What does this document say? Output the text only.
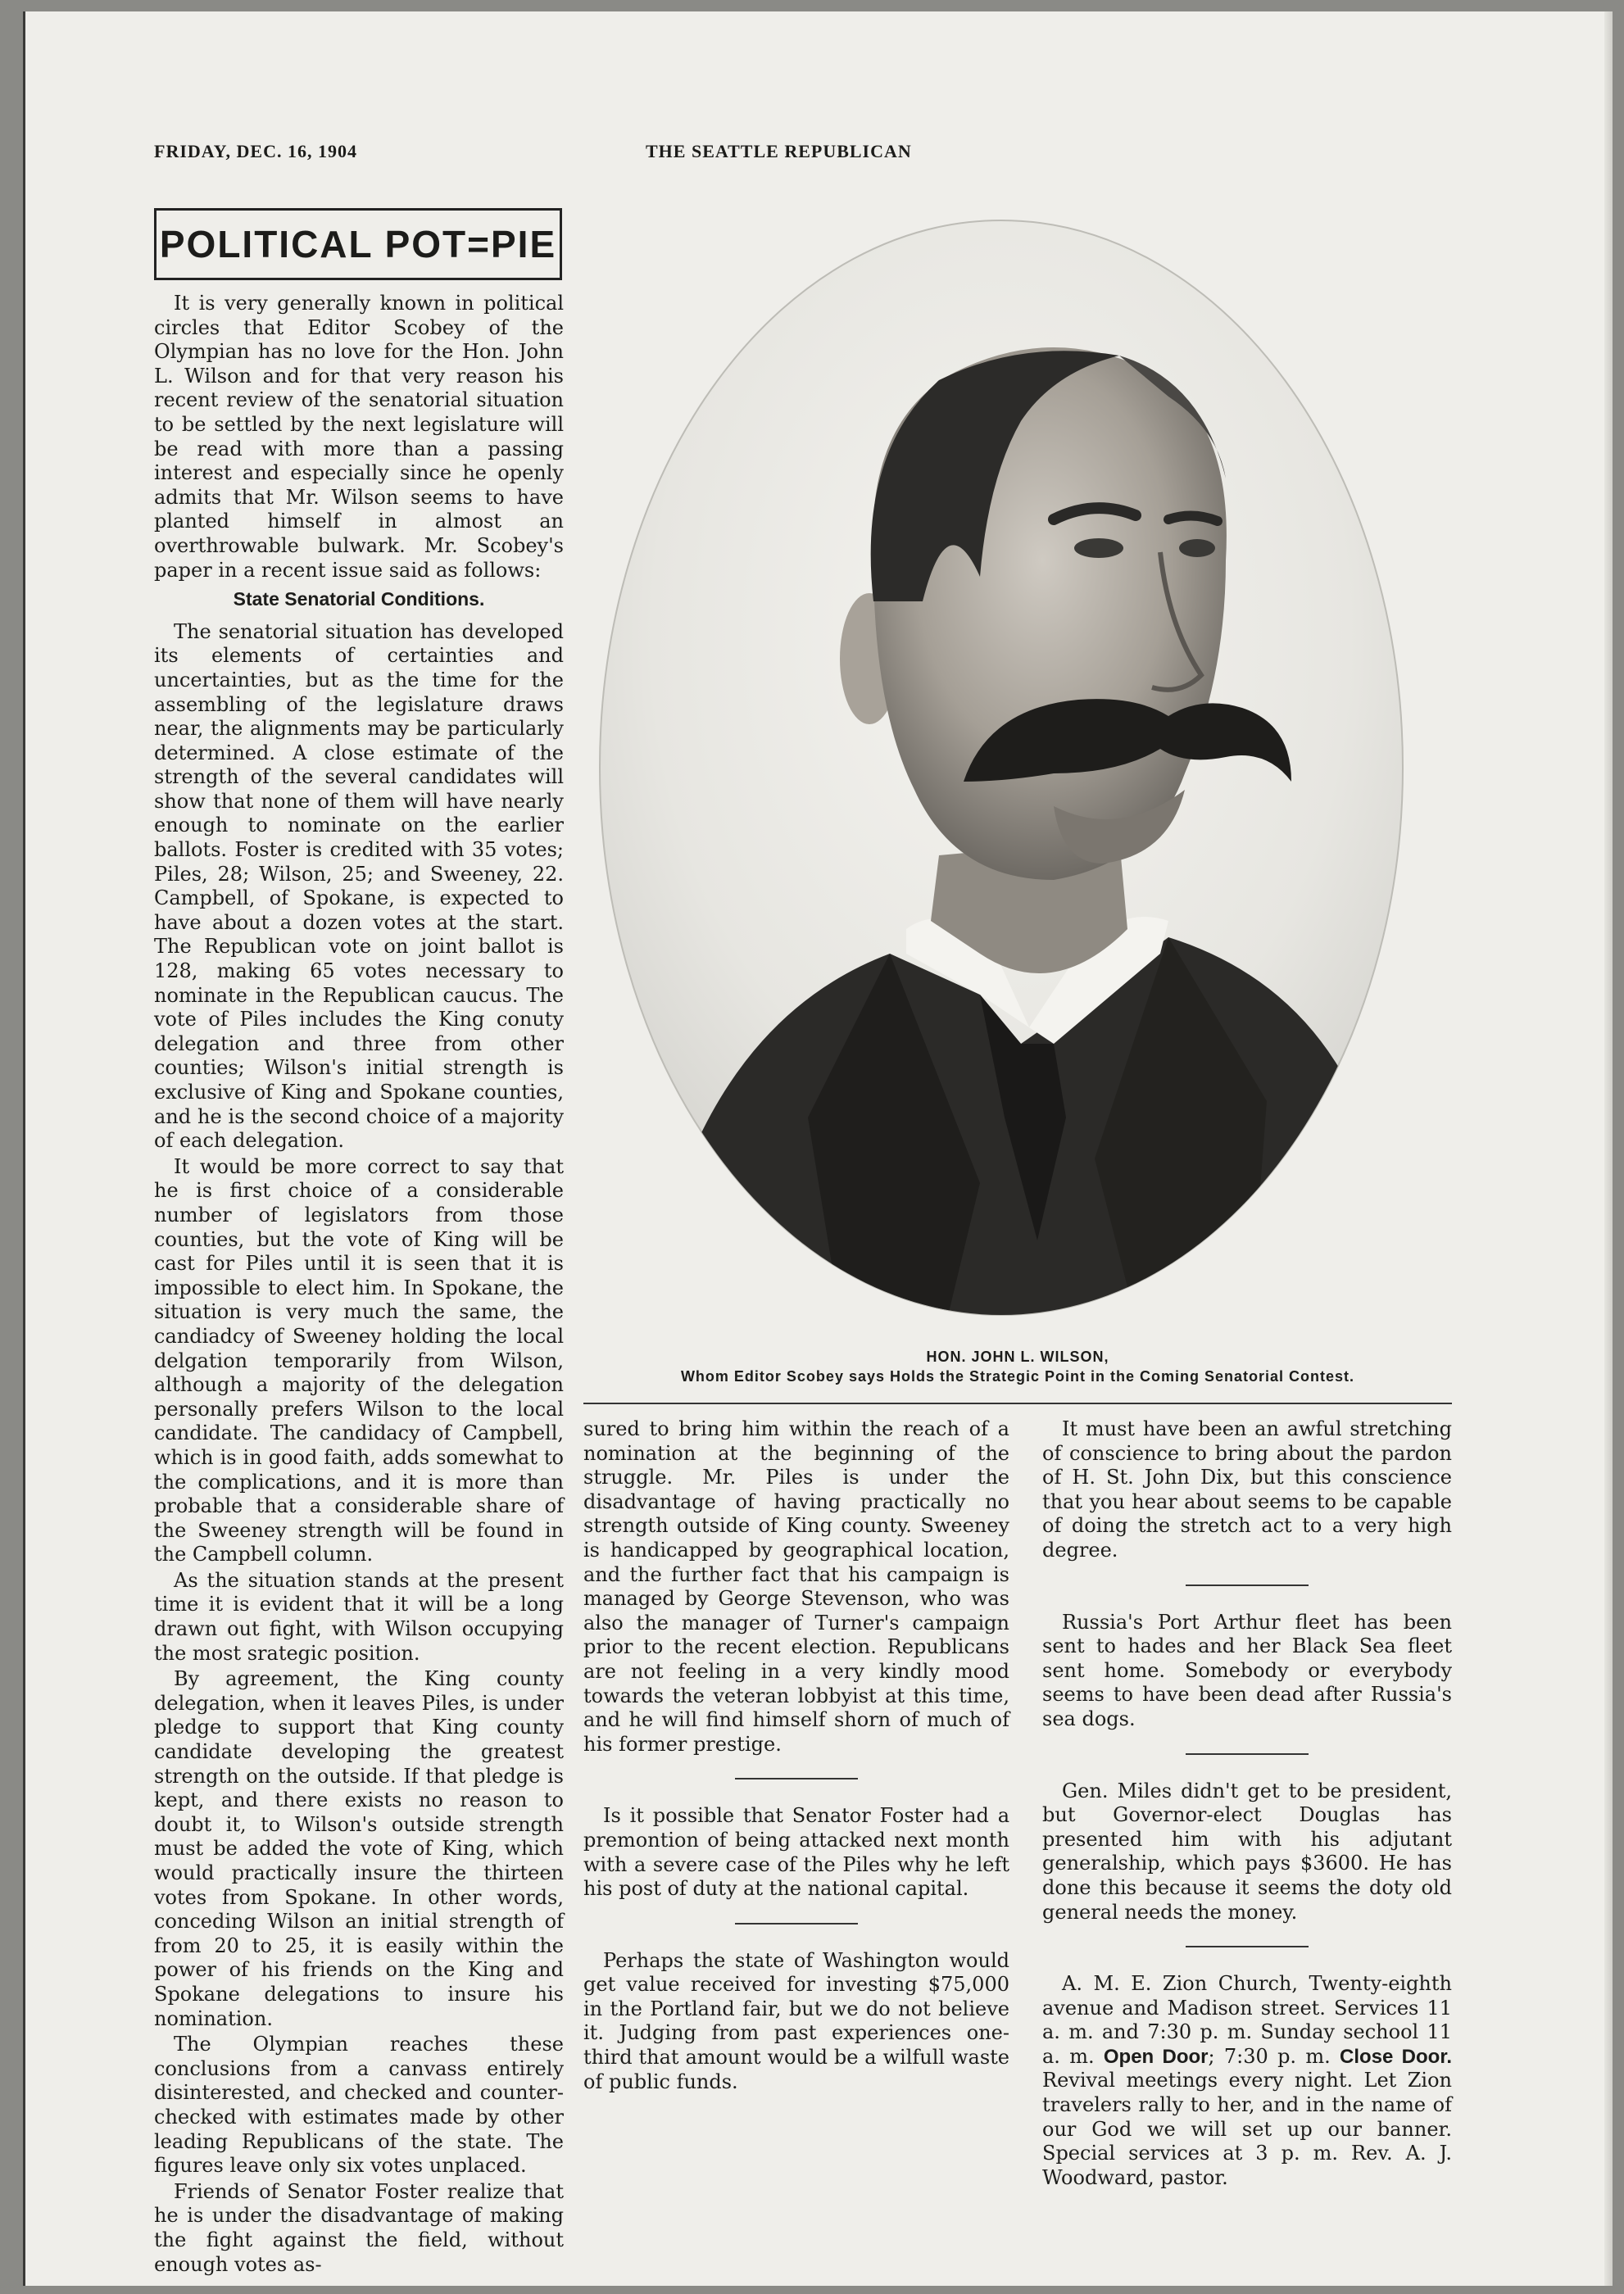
FRIDAY, DEC. 16, 1904	THE SEATTLE REPUBLICAN
POLITICAL POT=PIE

It is very generally known in political circles that Editor Scobey of the Olympian has no love for the Hon. John L. Wilson and for that very reason his recent review of the senatorial situation to be settled by the next legislature will be read with more than a passing interest and especially since he openly admits that Mr. Wilson seems to have planted himself in almost an overthrowable bulwark. Mr. Scobey's paper in a recent issue said as follows:

State Senatorial Conditions.

The senatorial situation has developed its elements of certainties and uncertainties, but as the time for the assembling of the legislature draws near, the alignments may be particularly determined. A close estimate of the strength of the several candidates will show that none of them will have nearly enough to nominate on the earlier ballots. Foster is credited with 35 votes; Piles, 28; Wilson, 25; and Sweeney, 22. Campbell, of Spokane, is expected to have about a dozen votes at the start. The Republican vote on joint ballot is 128, making 65 votes necessary to nominate in the Republican caucus. The vote of Piles includes the King conuty delegation and three from other counties; Wilson's initial strength is exclusive of King and Spokane counties, and he is the second choice of a majority of each delegation.

It would be more correct to say that he is first choice of a considerable number of legislators from those counties, but the vote of King will be cast for Piles until it is seen that it is impossible to elect him. In Spokane, the situation is very much the same, the candiadcy of Sweeney holding the local delgation temporarily from Wilson, although a majority of the delegation personally prefers Wilson to the local candidate. The candidacy of Campbell, which is in good faith, adds somewhat to the complications, and it is more than probable that a considerable share of the Sweeney strength will be found in the Campbell column.

As the situation stands at the present time it is evident that it will be a long drawn out fight, with Wilson occupying the most srategic position.

By agreement, the King county delegation, when it leaves Piles, is under pledge to support that King county candidate developing the greatest strength on the outside. If that pledge is kept, and there exists no reason to doubt it, to Wilson's outside strength must be added the vote of King, which would practically insure the thirteen votes from Spokane. In other words, conceding Wilson an initial strength of from 20 to 25, it is easily within the power of his friends on the King and Spokane delegations to insure his nomination.

The Olympian reaches these conclusions from a canvass entirely disinterested, and checked and counter-checked with estimates made by other leading Republicans of the state. The figures leave only six votes unplaced.

Friends of Senator Foster realize that he is under the disadvantage of making the fight against the field, without enough votes as-

HON. JOHN L. WILSON,
Whom Editor Scobey says Holds the Strategic Point in the Coming Senatorial Contest.

sured to bring him within the reach of a nomination at the beginning of the struggle. Mr. Piles is under the disadvantage of having practically no strength outside of King county. Sweeney is handicapped by geographical location, and the further fact that his campaign is managed by George Stevenson, who was also the manager of Turner's campaign prior to the recent election. Republicans are not feeling in a very kindly mood towards the veteran lobbyist at this time, and he will find himself shorn of much of his former prestige.

Is it possible that Senator Foster had a premontion of being attacked next month with a severe case of the Piles why he left his post of duty at the national capital.

Perhaps the state of Washington would get value received for investing $75,000 in the Portland fair, but we do not believe it. Judging from past experiences one-third that amount would be a wilfull waste of public funds.

It must have been an awful stretching of conscience to bring about the pardon of H. St. John Dix, but this conscience that you hear about seems to be capable of doing the stretch act to a very high degree.

Russia's Port Arthur fleet has been sent to hades and her Black Sea fleet sent home. Somebody or everybody seems to have been dead after Russia's sea dogs.

Gen. Miles didn't get to be president, but Governor-elect Douglas has presented him with his adjutant generalship, which pays $3600. He has done this because it seems the doty old general needs the money.

A. M. E. Zion Church, Twenty-eighth avenue and Madison street. Services 11 a. m. and 7:30 p. m. Sunday sechool 11 a. m. Open Door; 7:30 p. m. Close Door. Revival meetings every night. Let Zion travelers rally to her, and in the name of our God we will set up our banner. Special services at 3 p. m. Rev. A. J. Woodward, pastor.
